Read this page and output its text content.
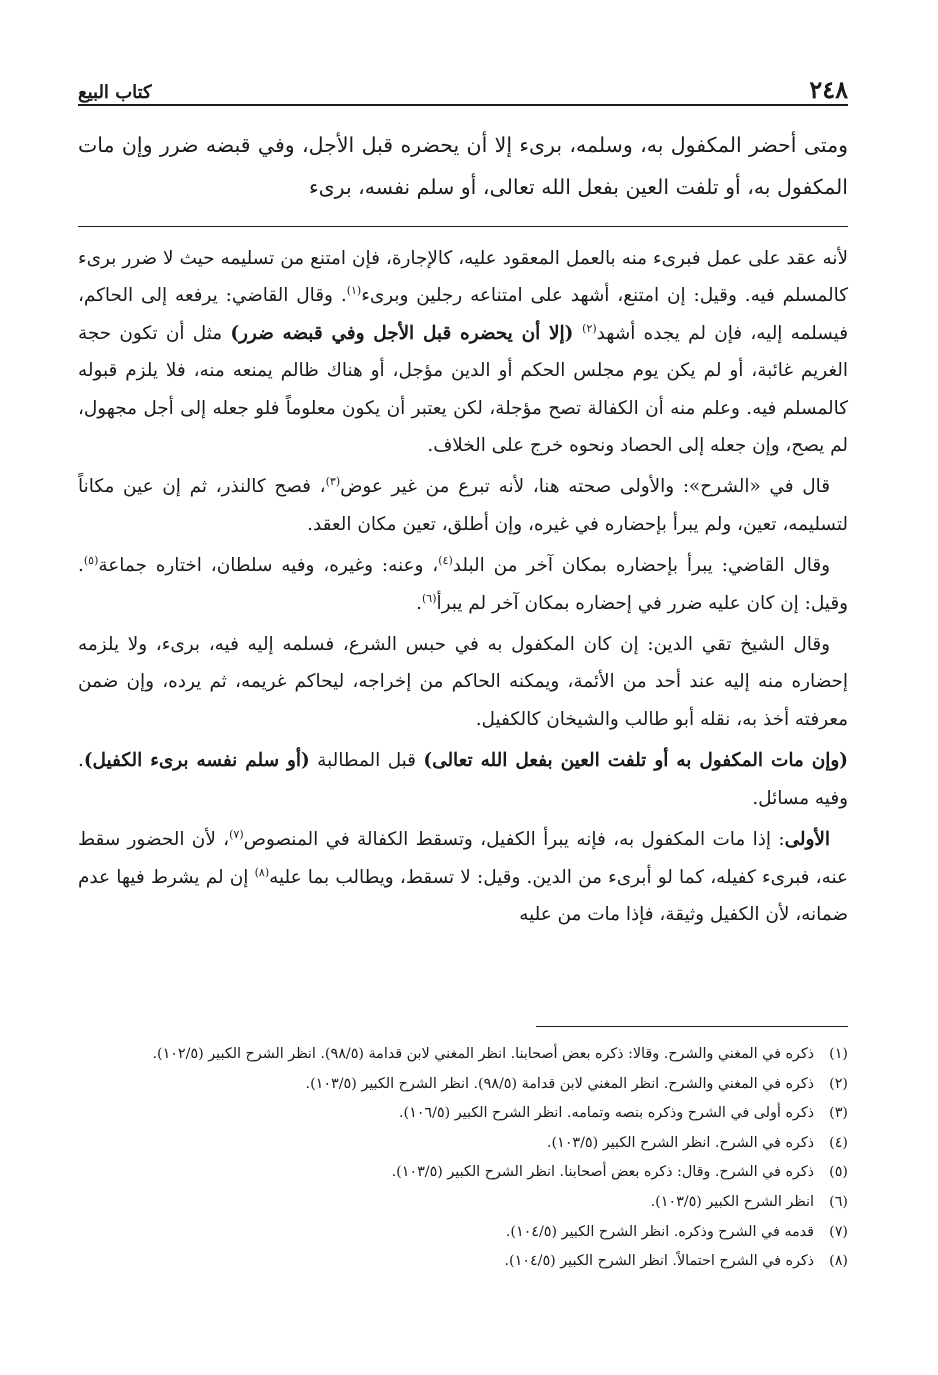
٢٤٨
كتاب البيع
ومتى أحضر المكفول به، وسلمه، برىء إلا أن يحضره قبل الأجل، وفي قبضه ضرر وإن مات المكفول به، أو تلفت العين بفعل الله تعالى، أو سلم نفسه، برىء

لأنه عقد على عمل فبرىء منه بالعمل المعقود عليه، كالإجارة، فإن امتنع من تسليمه حيث لا ضرر برىء كالمسلم فيه. وقيل: إن امتنع، أشهد على امتناعه رجلين وبرىء$^{(١)}$. وقال القاضي: يرفعه إلى الحاكم، فيسلمه إليه، فإن لم يجده أشهد$^{(٢)}$ (إلا أن يحضره قبل الأجل وفي قبضه ضرر) مثل أن تكون حجة الغريم غائبة، أو لم يكن يوم مجلس الحكم أو الدين مؤجل، أو هناك ظالم يمنعه منه، فلا يلزم قبوله كالمسلم فيه. وعلم منه أن الكفالة تصح مؤجلة، لكن يعتبر أن يكون معلوماً فلو جعله إلى أجل مجهول، لم يصح، وإن جعله إلى الحصاد ونحوه خرج على الخلاف.

قال في «الشرح»: والأولى صحته هنا، لأنه تبرع من غير عوض$^{(٣)}$، فصح كالنذر، ثم إن عين مكاناً لتسليمه، تعين، ولم يبرأ بإحضاره في غيره، وإن أطلق، تعين مكان العقد.

وقال القاضي: يبرأ بإحضاره بمكان آخر من البلد$^{(٤)}$، وعنه: وغيره، وفيه سلطان، اختاره جماعة$^{(٥)}$. وقيل: إن كان عليه ضرر في إحضاره بمكان آخر لم يبرأ$^{(٦)}$.

وقال الشيخ تقي الدين: إن كان المكفول به في حبس الشرع، فسلمه إليه فيه، برىء، ولا يلزمه إحضاره منه إليه عند أحد من الأئمة، ويمكنه الحاكم من إخراجه، ليحاكم غريمه، ثم يرده، وإن ضمن معرفته أخذ به، نقله أبو طالب والشيخان كالكفيل.

(وإن مات المكفول به أو تلفت العين بفعل الله تعالى) قبل المطالبة (أو سلم نفسه برىء الكفيل). وفيه مسائل.

الأولى: إذا مات المكفول به، فإنه يبرأ الكفيل، وتسقط الكفالة في المنصوص$^{(٧)}$، لأن الحضور سقط عنه، فبرىء كفيله، كما لو أبرىء من الدين. وقيل: لا تسقط، ويطالب بما عليه$^{(٨)}$ إن لم يشرط فيها عدم ضمانه، لأن الكفيل وثيقة، فإذا مات من عليه

(١)
ذكره في المغني والشرح. وقالا: ذكره بعض أصحابنا. انظر المغني لابن قدامة (٩٨/٥). انظر الشرح الكبير (١٠٢/٥).
(٢)
ذكره في المغني والشرح. انظر المغني لابن قدامة (٩٨/٥). انظر الشرح الكبير (١٠٣/٥).
(٣)
ذكره أولى في الشرح وذكره بنصه وتمامه. انظر الشرح الكبير (١٠٦/٥).
(٤)
ذكره في الشرح. انظر الشرح الكبير (١٠٣/٥).
(٥)
ذكره في الشرح. وقال: ذكره بعض أصحابنا. انظر الشرح الكبير (١٠٣/٥).
(٦)
انظر الشرح الكبير (١٠٣/٥).
(٧)
قدمه في الشرح وذكره. انظر الشرح الكبير (١٠٤/٥).
(٨)
ذكره في الشرح احتمالاً. انظر الشرح الكبير (١٠٤/٥).
